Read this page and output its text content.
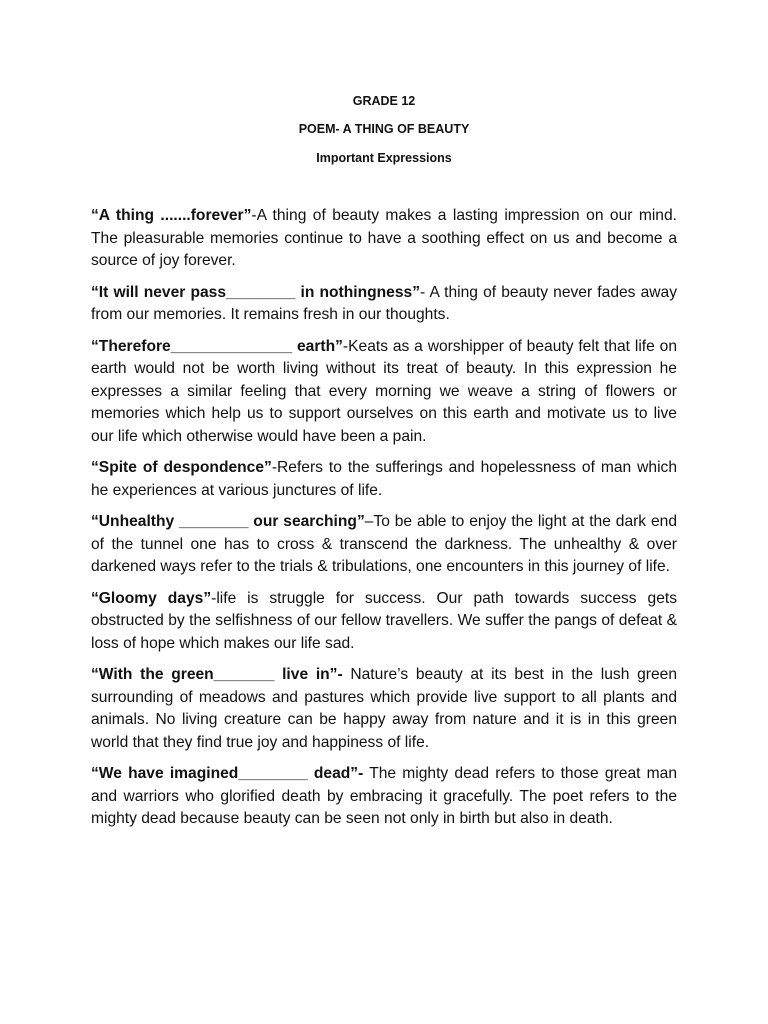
GRADE 12
POEM- A THING OF BEAUTY
Important Expressions

“A thing .......forever”-A thing of beauty makes a lasting impression on our mind. The pleasurable memories continue to have a soothing effect on us and become a source of joy forever.

“It will never pass________ in nothingness”- A thing of beauty never fades away from our memories. It remains fresh in our thoughts.

“Therefore______________ earth”-Keats as a worshipper of beauty felt that life on earth would not be worth living without its treat of beauty. In this expression he expresses a similar feeling that every morning we weave a string of flowers or memories which help us to support ourselves on this earth and motivate us to live our life which otherwise would have been a pain.

“Spite of despondence”-Refers to the sufferings and hopelessness of man which he experiences at various junctures of life.

“Unhealthy ________ our searching”–To be able to enjoy the light at the dark end of the tunnel one has to cross & transcend the darkness. The unhealthy & over darkened ways refer to the trials & tribulations, one encounters in this journey of life.

“Gloomy days”-life is struggle for success. Our path towards success gets obstructed by the selfishness of our fellow travellers. We suffer the pangs of defeat & loss of hope which makes our life sad.

“With the green_______ live in”- Nature’s beauty at its best in the lush green surrounding of meadows and pastures which provide live support to all plants and animals. No living creature can be happy away from nature and it is in this green world that they find true joy and happiness of life.

“We have imagined________ dead”- The mighty dead refers to those great man and warriors who glorified death by embracing it gracefully. The poet refers to the mighty dead because beauty can be seen not only in birth but also in death.
